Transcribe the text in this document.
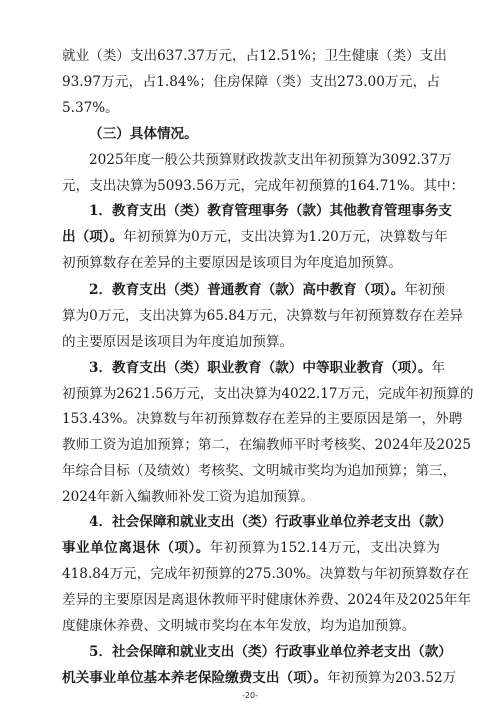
就业（类）支出637.37万元，占12.51%；卫生健康（类）支出
93.97万元，占1.84%；住房保障（类）支出273.00万元，占
5.37%。
（三）具体情况。
2025年度一般公共预算财政拨款支出年初预算为3092.37万
元，支出决算为5093.56万元，完成年初预算的164.71%。其中：
1．教育支出（类）教育管理事务（款）其他教育管理事务支
出（项）。年初预算为0万元，支出决算为1.20万元，决算数与年
初预算数存在差异的主要原因是该项目为年度追加预算。
2．教育支出（类）普通教育（款）高中教育（项）。年初预
算为0万元，支出决算为65.84万元，决算数与年初预算数存在差异
的主要原因是该项目为年度追加预算。
3．教育支出（类）职业教育（款）中等职业教育（项）。年
初预算为2621.56万元，支出决算为4022.17万元，完成年初预算的
153.43%。决算数与年初预算数存在差异的主要原因是第一，外聘
教师工资为追加预算；第二，在编教师平时考核奖、2024年及2025
年综合目标（及绩效）考核奖、文明城市奖均为追加预算；第三，
2024年新入编教师补发工资为追加预算。
4．社会保障和就业支出（类）行政事业单位养老支出（款）
事业单位离退休（项）。年初预算为152.14万元，支出决算为
418.84万元，完成年初预算的275.30%。决算数与年初预算数存在
差异的主要原因是离退休教师平时健康休养费、2024年及2025年年
度健康休养费、文明城市奖均在本年发放，均为追加预算。
5．社会保障和就业支出（类）行政事业单位养老支出（款）
机关事业单位基本养老保险缴费支出（项）。年初预算为203.52万
-20-
